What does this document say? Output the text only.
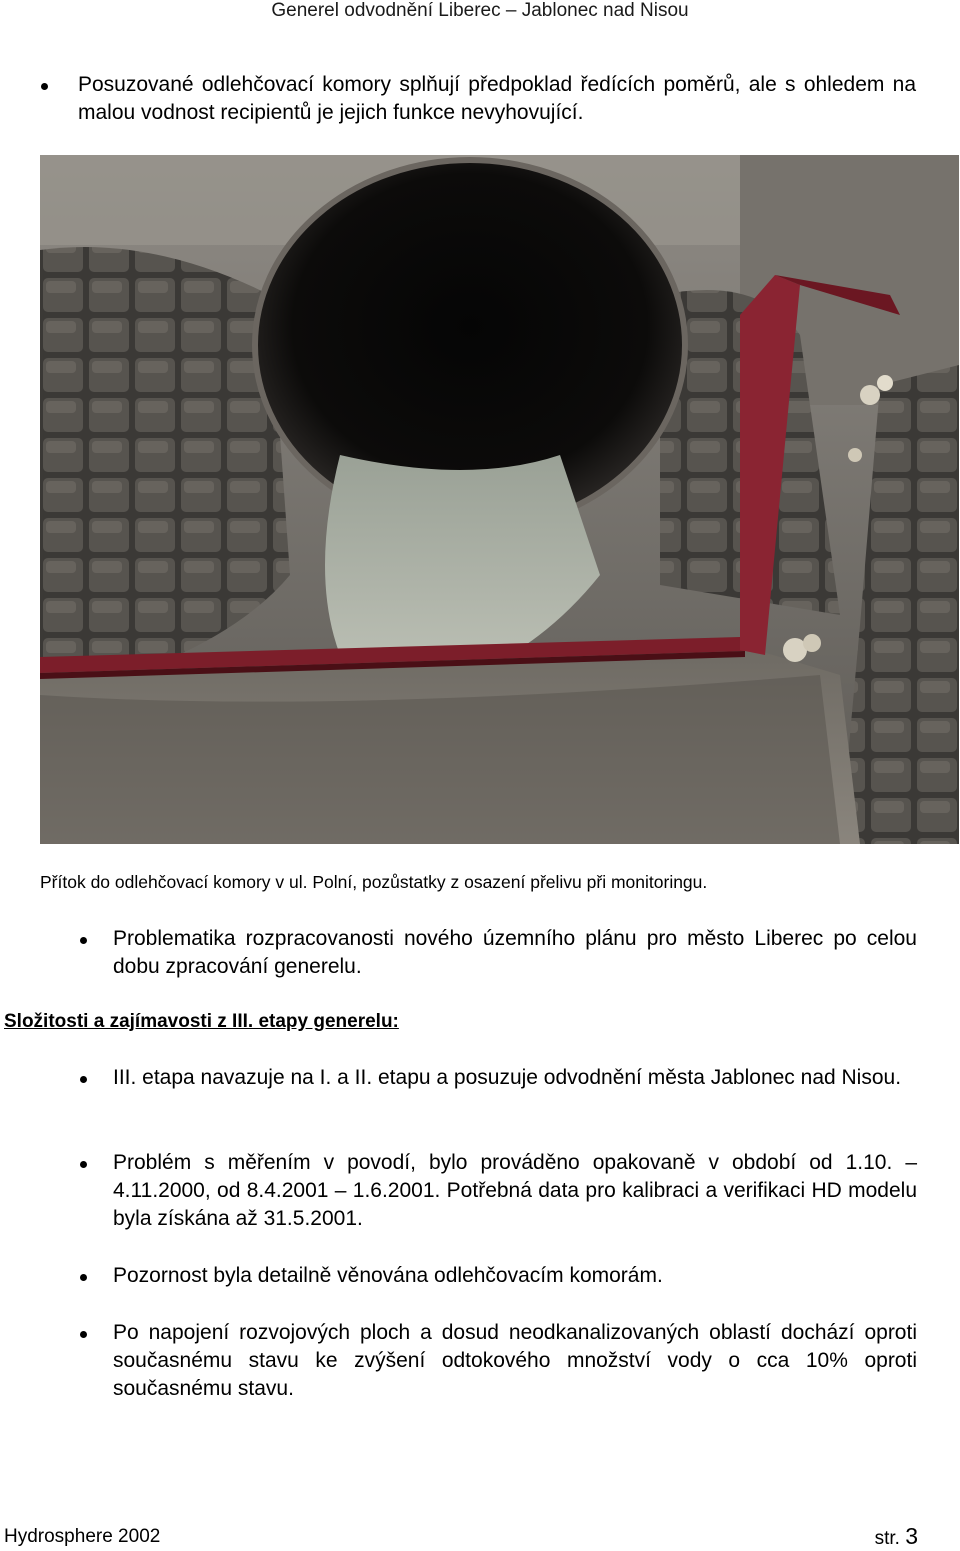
Generel odvodnění Liberec – Jablonec nad Nisou
Posuzované odlehčovací komory splňují předpoklad ředících poměrů, ale s ohledem na malou vodnost recipientů je jejich funkce nevyhovující.
Přítok do odlehčovací komory v ul. Polní, pozůstatky z osazení přelivu při monitoringu.
Problematika rozpracovanosti nového územního plánu pro město Liberec po celou dobu zpracování generelu.
Složitosti a zajímavosti z III. etapy generelu:
III. etapa navazuje na I. a II. etapu a posuzuje odvodnění města Jablonec nad Nisou.
Problém s měřením v povodí, bylo prováděno opakovaně v období od 1.10. – 4.11.2000, od 8.4.2001 – 1.6.2001. Potřebná data pro kalibraci a verifikaci HD modelu byla získána až 31.5.2001.
Pozornost byla detailně věnována odlehčovacím komorám.
Po napojení rozvojových ploch a dosud neodkanalizovaných oblastí dochází oproti současnému stavu ke zvýšení odtokového množství vody o cca 10% oproti současnému stavu.
Hydrosphere 2002	str. 3
